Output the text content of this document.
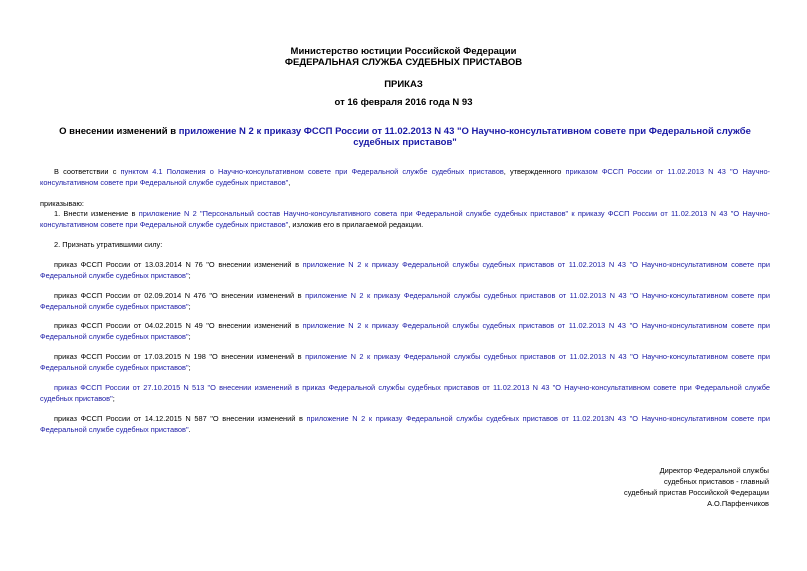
Министерство юстиции Российской Федерации
ФЕДЕРАЛЬНАЯ СЛУЖБА СУДЕБНЫХ ПРИСТАВОВ
ПРИКАЗ
от 16 февраля 2016 года N 93
О внесении изменений в приложение N 2 к приказу ФССП России от 11.02.2013 N 43 "О Научно-консультативном совете при Федеральной службе судебных приставов"
В соответствии с пунктом 4.1 Положения о Научно-консультативном совете при Федеральной службе судебных приставов, утвержденного приказом ФССП России от 11.02.2013 N 43 "О Научно-консультативном совете при Федеральной службе судебных приставов",
приказываю:
1. Внести изменение в приложение N 2 "Персональный состав Научно-консультативного совета при Федеральной службе судебных приставов" к приказу ФССП России от 11.02.2013 N 43 "О Научно-консультативном совете при Федеральной службе судебных приставов", изложив его в прилагаемой редакции.
2. Признать утратившими силу:
приказ ФССП России от 13.03.2014 N 76 "О внесении изменений в приложение N 2 к приказу Федеральной службы судебных приставов от 11.02.2013 N 43 "О Научно-консультативном совете при Федеральной службе судебных приставов";
приказ ФССП России от 02.09.2014 N 476 "О внесении изменений в приложение N 2 к приказу Федеральной службы судебных приставов от 11.02.2013 N 43 "О Научно-консультативном совете при Федеральной службе судебных приставов";
приказ ФССП России от 04.02.2015 N 49 "О внесении изменений в приложение N 2 к приказу Федеральной службы судебных приставов от 11.02.2013 N 43 "О Научно-консультативном совете при Федеральной службе судебных приставов";
приказ ФССП России от 17.03.2015 N 198 "О внесении изменений в приложение N 2 к приказу Федеральной службы судебных приставов от 11.02.2013 N 43 "О Научно-консультативном совете при Федеральной службе судебных приставов";
приказ ФССП России от 27.10.2015 N 513 "О внесении изменений в приказ Федеральной службы судебных приставов от 11.02.2013 N 43 "О Научно-консультативном совете при Федеральной службе судебных приставов";
приказ ФССП России от 14.12.2015 N 587 "О внесении изменений в приложение N 2 к приказу Федеральной службы судебных приставов от 11.02.2013N 43 "О Научно-консультативном совете при Федеральной службе судебных приставов".
Директор Федеральной службы
судебных приставов - главный
судебный пристав Российской Федерации
А.О.Парфенчиков
